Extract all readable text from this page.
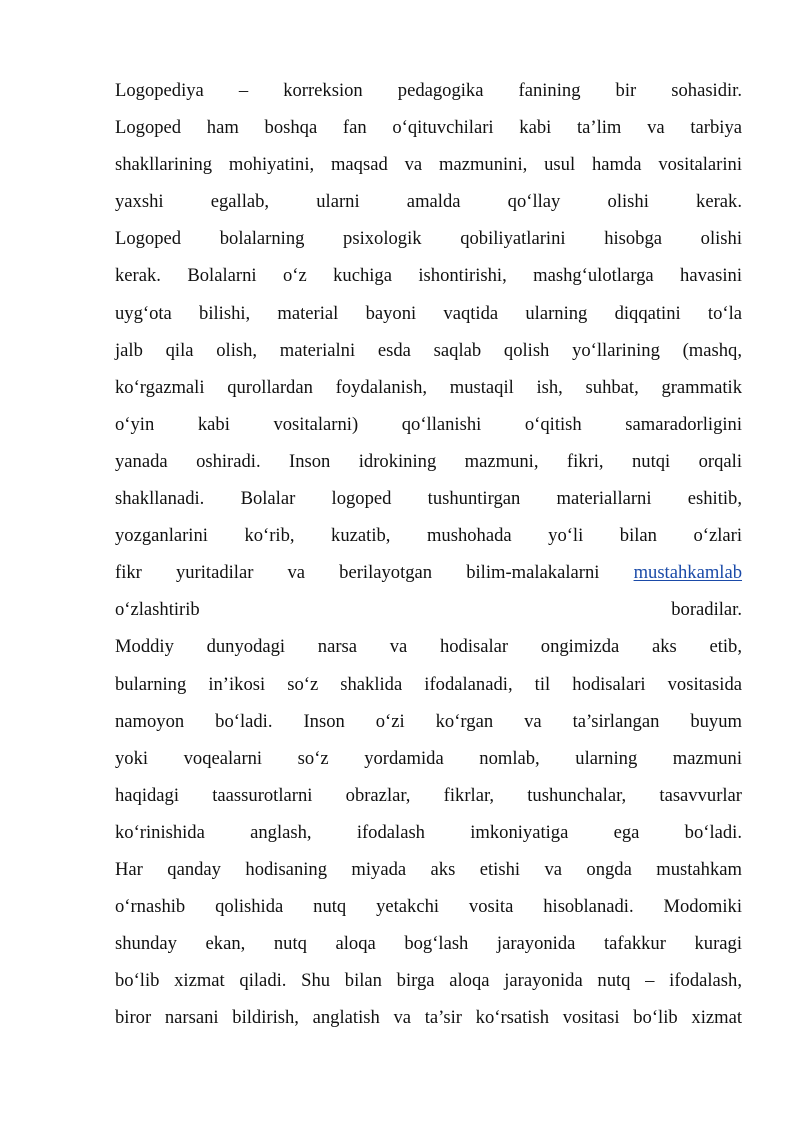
Logopediya – korreksion pedagogika fanining bir sohasidir.
Logoped ham boshqa fan o‘qituvchilari kabi ta’lim va tarbiya
shakllarining mohiyatini, maqsad va mazmunini, usul hamda vositalarini
yaxshi egallab, ularni amalda qo‘llay olishi kerak.
Logoped bolalarning psixologik qobiliyatlarini hisobga olishi
kerak. Bolalarni o‘z kuchiga ishontirishi, mashg‘ulotlarga havasini
uyg‘ota bilishi, material bayoni vaqtida ularning diqqatini to‘la
jalb qila olish, materialni esda saqlab qolish yo‘llarining (mashq,
ko‘rgazmali qurollardan foydalanish, mustaqil ish, suhbat, grammatik
o‘yin kabi vositalarni) qo‘llanishi o‘qitish samaradorligini
yanada oshiradi. Inson idrokining mazmuni, fikri, nutqi orqali
shakllanadi. Bolalar logoped tushuntirgan materiallarni eshitib,
yozganlarini ko‘rib, kuzatib, mushohada yo‘li bilan o‘zlari
fikr yuritadilar va berilayotgan bilim-malakalarni mustahkamlab
o‘zlashtirib boradilar.
Moddiy dunyodagi narsa va hodisalar ongimizda aks etib,
bularning in’ikosi so‘z shaklida ifodalanadi, til hodisalari vositasida
namoyon bo‘ladi. Inson o‘zi ko‘rgan va ta’sirlangan buyum
yoki voqealarni so‘z yordamida nomlab, ularning mazmuni
haqidagi taassurotlarni obrazlar, fikrlar, tushunchalar, tasavvurlar
ko‘rinishida anglash, ifodalash imkoniyatiga ega bo‘ladi.
Har qanday hodisaning miyada aks etishi va ongda mustahkam
o‘rnashib qolishida nutq yetakchi vosita hisoblanadi. Modomiki
shunday ekan, nutq aloqa bog‘lash jarayonida tafakkur kuragi
bo‘lib xizmat qiladi. Shu bilan birga aloqa jarayonida nutq – ifodalash,
biror narsani bildirish, anglatish va ta’sir ko‘rsatish vositasi bo‘lib xizmat
